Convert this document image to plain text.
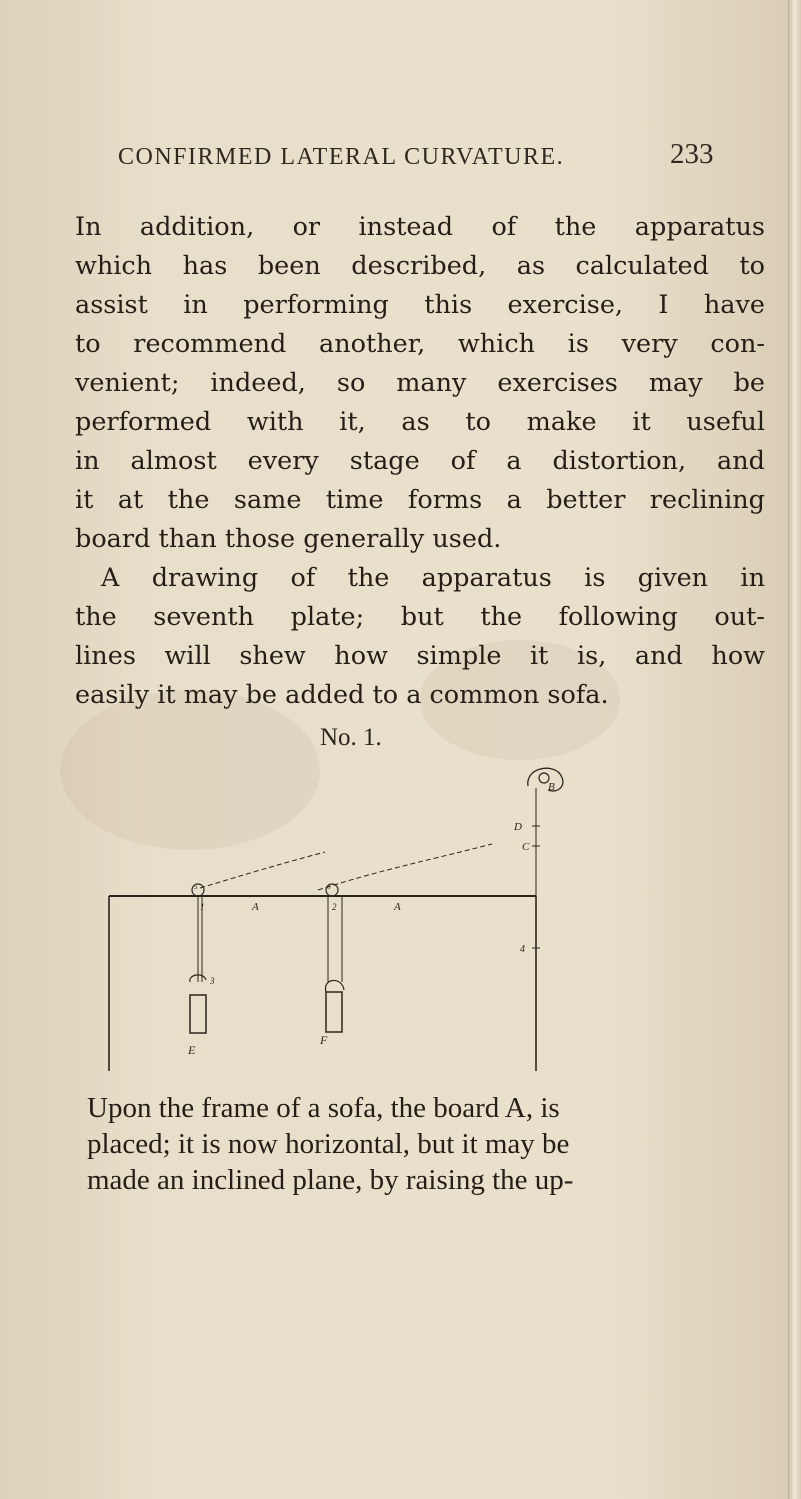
CONFIRMED LATERAL CURVATURE.	233
In addition, or instead of the apparatus
which has been described, as calculated to
assist in performing this exercise, I have
to recommend another, which is very con-
venient; indeed, so many exercises may be
performed with it, as to make it useful
in almost every stage of a distortion, and
it at the same time forms a better reclining
board than those generally used.
A drawing of the apparatus is given in
the seventh plate; but the following out-
lines will shew how simple it is, and how
easily it may be added to a common sofa.
No. 1.
B
D
C
A	A
4
1	2
3
5	6
E
F
Upon the frame of a sofa, the board A, is
placed; it is now horizontal, but it may be
made an inclined plane, by raising the up-
